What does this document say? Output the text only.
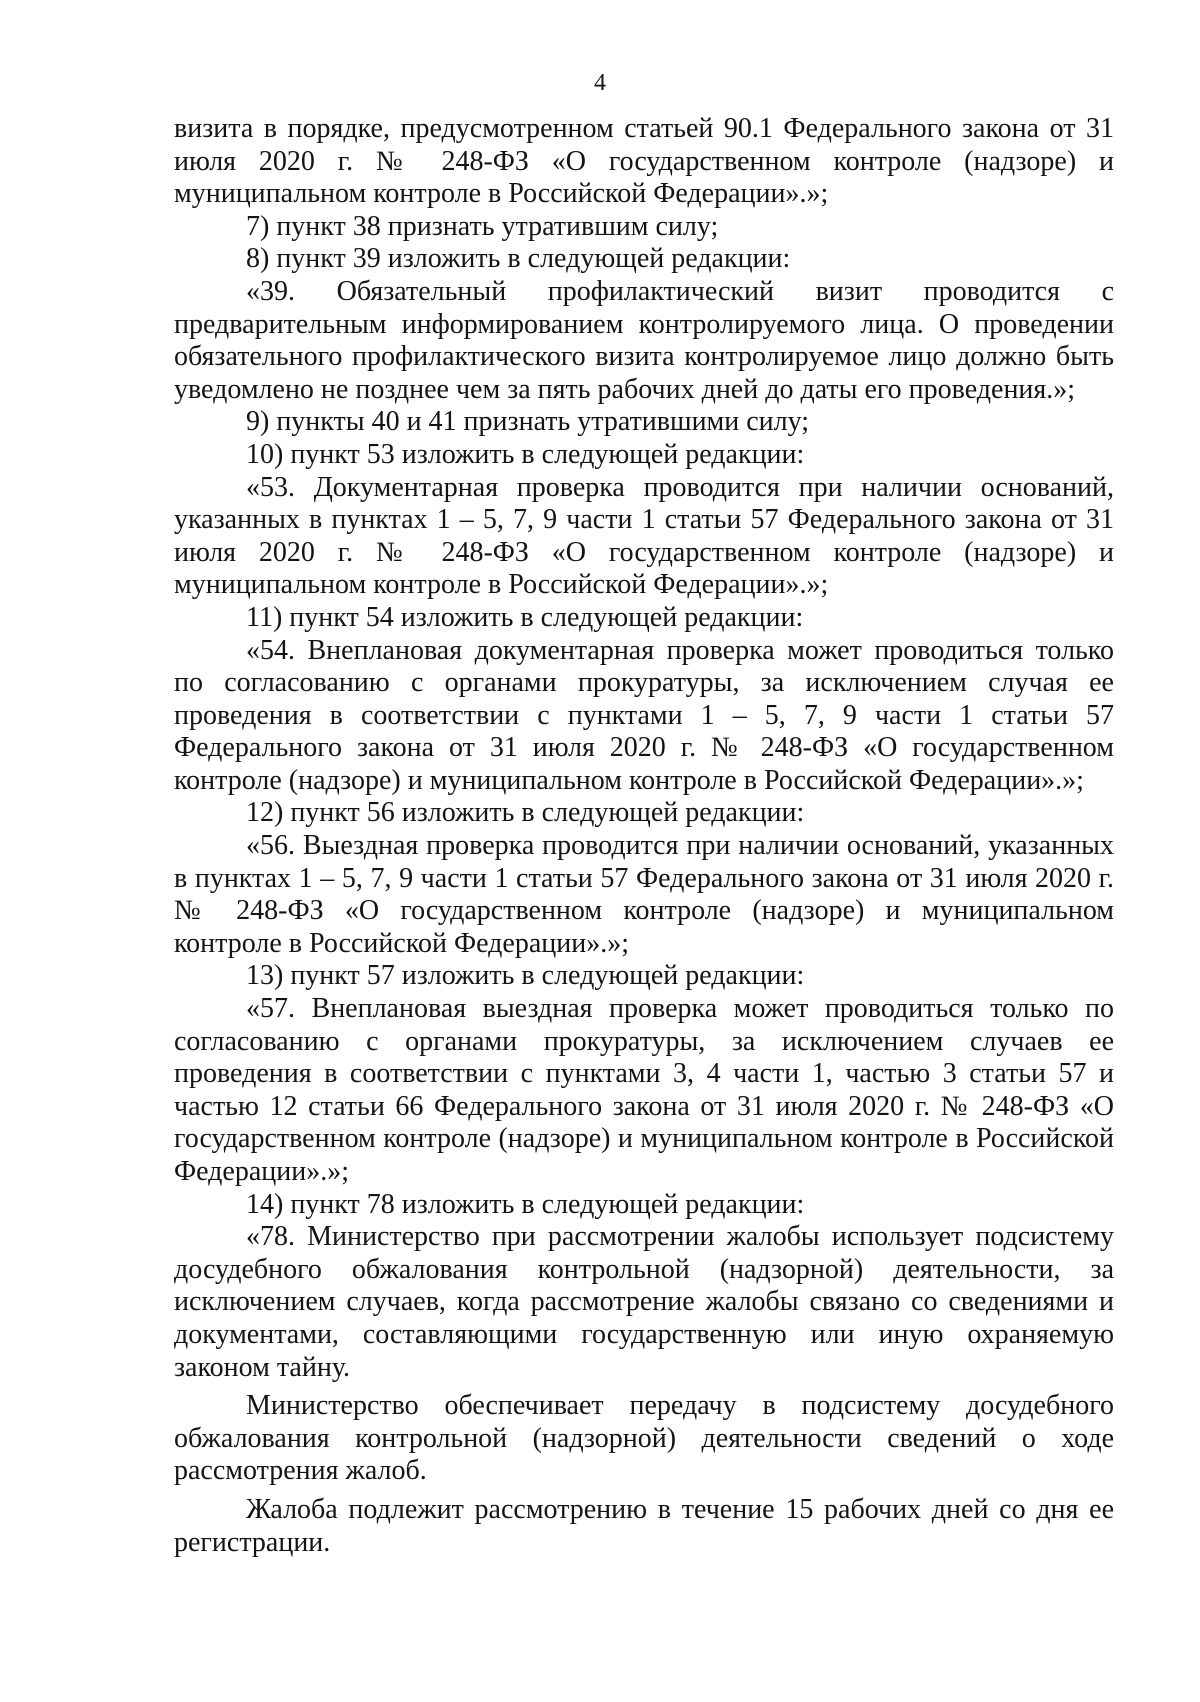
4

визита в порядке, предусмотренном статьей 90.1 Федерального закона от 31 июля 2020 г. № 248-ФЗ «О государственном контроле (надзоре) и муниципальном контроле в Российской Федерации».»;

7) пункт 38 признать утратившим силу;

8) пункт 39 изложить в следующей редакции:

«39. Обязательный профилактический визит проводится с предварительным информированием контролируемого лица. О проведении обязательного профилактического визита контролируемое лицо должно быть уведомлено не позднее чем за пять рабочих дней до даты его проведения.»;

9) пункты 40 и 41 признать утратившими силу;

10) пункт 53 изложить в следующей редакции:

«53. Документарная проверка проводится при наличии оснований, указанных в пунктах 1 – 5, 7, 9 части 1 статьи 57 Федерального закона от 31 июля 2020 г. № 248-ФЗ «О государственном контроле (надзоре) и муниципальном контроле в Российской Федерации».»;

11) пункт 54 изложить в следующей редакции:

«54. Внеплановая документарная проверка может проводиться только по согласованию с органами прокуратуры, за исключением случая ее проведения в соответствии с пунктами 1 – 5, 7, 9 части 1 статьи 57 Федерального закона от 31 июля 2020 г. № 248-ФЗ «О государственном контроле (надзоре) и муниципальном контроле в Российской Федерации».»;

12) пункт 56 изложить в следующей редакции:

«56. Выездная проверка проводится при наличии оснований, указанных в пунктах 1 – 5, 7, 9 части 1 статьи 57 Федерального закона от 31 июля 2020 г. № 248-ФЗ «О государственном контроле (надзоре) и муниципальном контроле в Российской Федерации».»;

13) пункт 57 изложить в следующей редакции:

«57. Внеплановая выездная проверка может проводиться только по согласованию с органами прокуратуры, за исключением случаев ее проведения в соответствии с пунктами 3, 4 части 1, частью 3 статьи 57 и частью 12 статьи 66 Федерального закона от 31 июля 2020 г. № 248-ФЗ «О государственном контроле (надзоре) и муниципальном контроле в Российской Федерации».»;

14) пункт 78 изложить в следующей редакции:

«78. Министерство при рассмотрении жалобы использует подсистему досудебного обжалования контрольной (надзорной) деятельности, за исключением случаев, когда рассмотрение жалобы связано со сведениями и документами, составляющими государственную или иную охраняемую законом тайну.

Министерство обеспечивает передачу в подсистему досудебного обжалования контрольной (надзорной) деятельности сведений о ходе рассмотрения жалоб.

Жалоба подлежит рассмотрению в течение 15 рабочих дней со дня ее регистрации.
